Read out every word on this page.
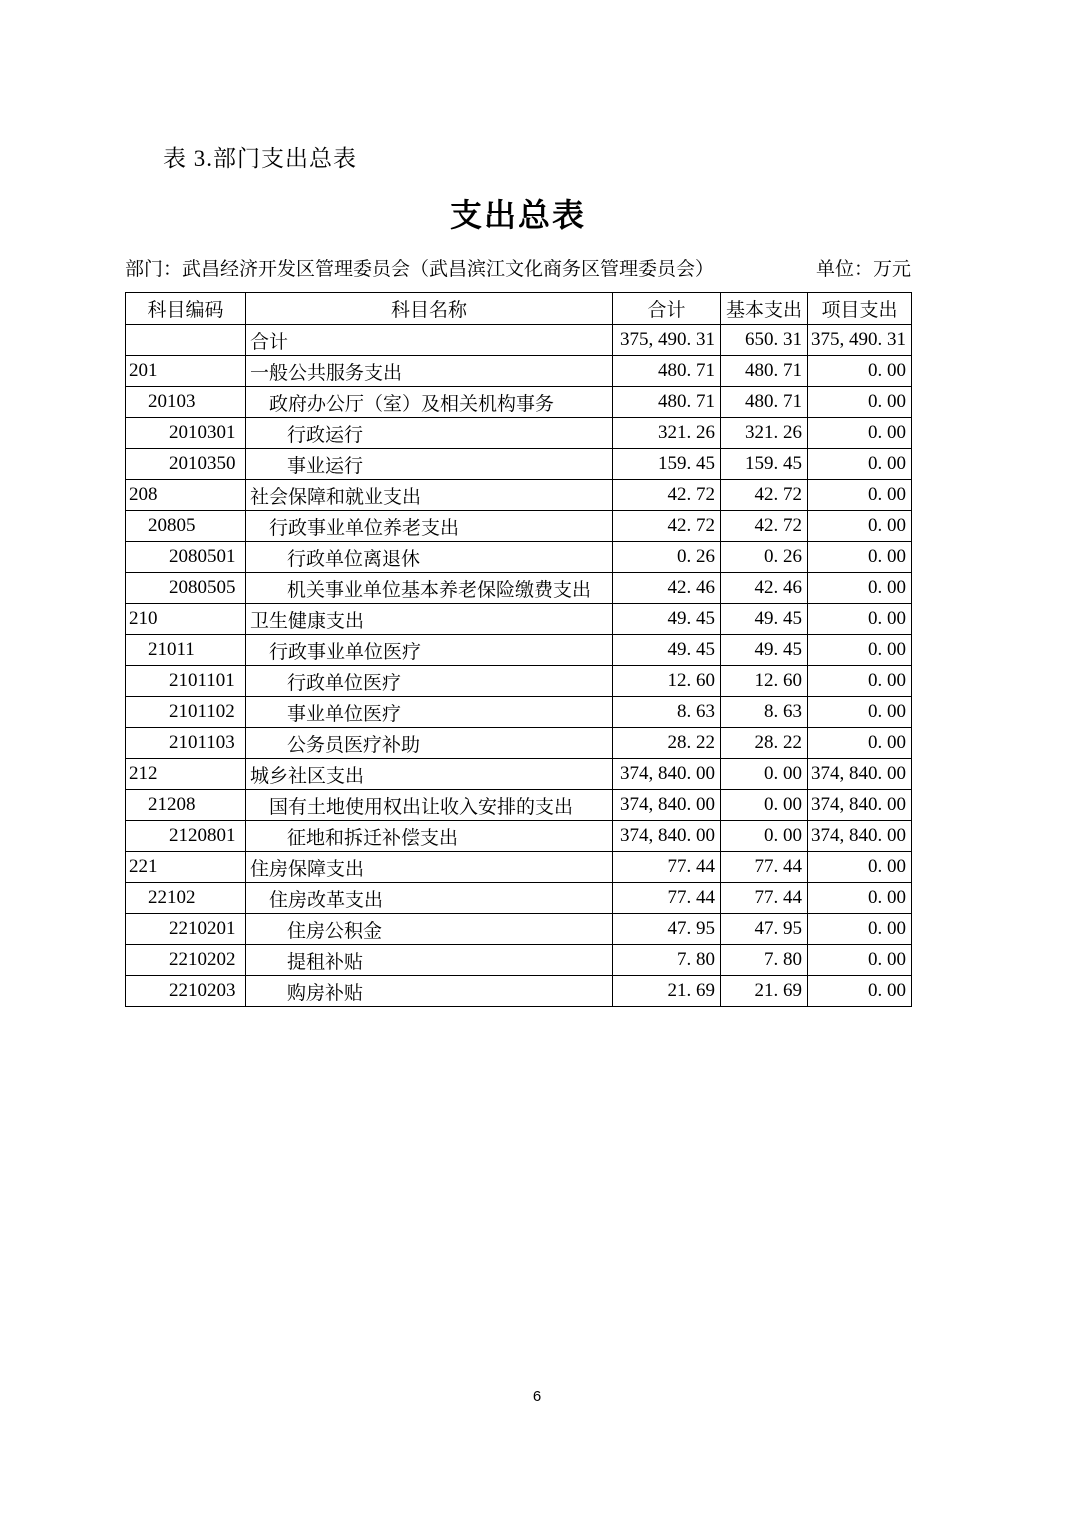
表 3.部门支出总表
支出总表
部门：武昌经济开发区管理委员会（武昌滨江文化商务区管理委员会）	单位：万元
科目编码	科目名称	合计	基本支出	项目支出
	合计	375, 490. 31	650. 31	375, 490. 31
201	一般公共服务支出	480. 71	480. 71	0. 00
20103	政府办公厅（室）及相关机构事务	480. 71	480. 71	0. 00
2010301	行政运行	321. 26	321. 26	0. 00
2010350	事业运行	159. 45	159. 45	0. 00
208	社会保障和就业支出	42. 72	42. 72	0. 00
20805	行政事业单位养老支出	42. 72	42. 72	0. 00
2080501	行政单位离退休	0. 26	0. 26	0. 00
2080505	机关事业单位基本养老保险缴费支出	42. 46	42. 46	0. 00
210	卫生健康支出	49. 45	49. 45	0. 00
21011	行政事业单位医疗	49. 45	49. 45	0. 00
2101101	行政单位医疗	12. 60	12. 60	0. 00
2101102	事业单位医疗	8. 63	8. 63	0. 00
2101103	公务员医疗补助	28. 22	28. 22	0. 00
212	城乡社区支出	374, 840. 00	0. 00	374, 840. 00
21208	国有土地使用权出让收入安排的支出	374, 840. 00	0. 00	374, 840. 00
2120801	征地和拆迁补偿支出	374, 840. 00	0. 00	374, 840. 00
221	住房保障支出	77. 44	77. 44	0. 00
22102	住房改革支出	77. 44	77. 44	0. 00
2210201	住房公积金	47. 95	47. 95	0. 00
2210202	提租补贴	7. 80	7. 80	0. 00
2210203	购房补贴	21. 69	21. 69	0. 00
6
